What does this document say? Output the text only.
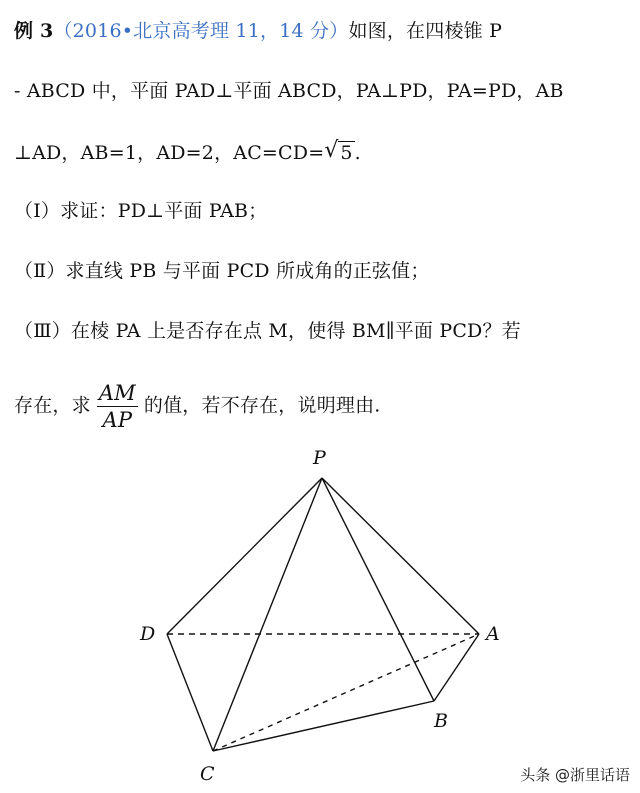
例 3（2016•北京高考理 11，14 分）如图，在四棱锥 P
- ABCD 中，平面 PAD⊥平面 ABCD，PA⊥PD，PA=PD，AB
⊥AD，AB=1，AD=2，AC=CD= √ 5 .
（Ⅰ）求证：PD⊥平面 PAB；
（Ⅱ）求直线 PB 与平面 PCD 所成角的正弦值；
（Ⅲ）在棱 PA 上是否存在点 M，使得 BM∥平面 PCD？若
存在，求 $\frac{AM}{AP}$ 的值，若不存在，说明理由.
P
D	A
B
C	头条 @浙里话语
